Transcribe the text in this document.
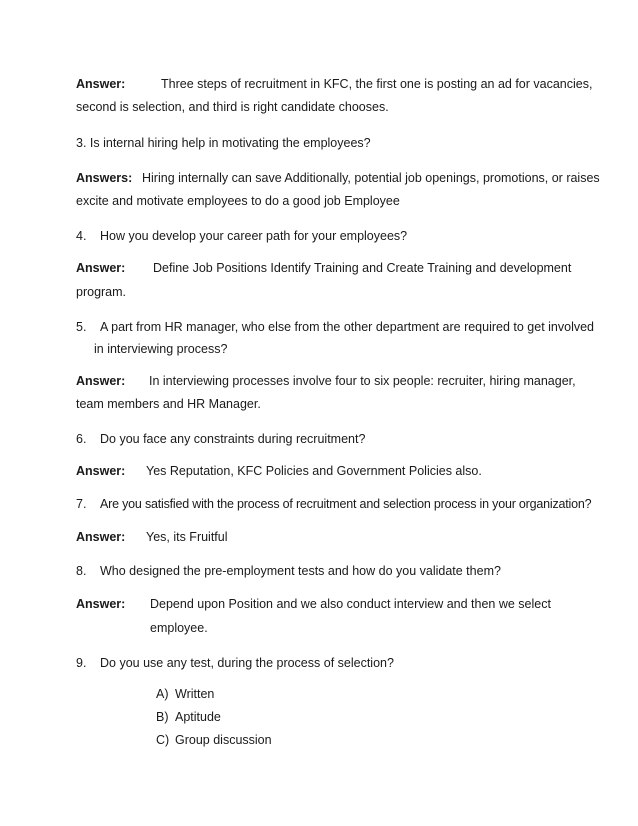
Answer:	Three steps of recruitment in KFC, the first one is posting an ad for vacancies,
second is selection, and third is right candidate chooses.
3. Is internal hiring help in motivating the employees?
Answers: Hiring internally can save Additionally, potential job openings, promotions, or raises
excite and motivate employees to do a good job Employee
4. How you develop your career path for your employees?
Answer: Define Job Positions Identify Training and Create Training and development
program.
5. A part from HR manager, who else from the other department are required to get involved
in interviewing process?
Answer: In interviewing processes involve four to six people: recruiter, hiring manager,
team members and HR Manager.
6. Do you face any constraints during recruitment?
Answer: Yes Reputation, KFC Policies and Government Policies also.
7. Are you satisfied with the process of recruitment and selection process in your organization?
Answer: Yes, its Fruitful
8. Who designed the pre-employment tests and how do you validate them?
Answer: Depend upon Position and we also conduct interview and then we select
employee.
9. Do you use any test, during the process of selection?
A) Written
B) Aptitude
C) Group discussion
